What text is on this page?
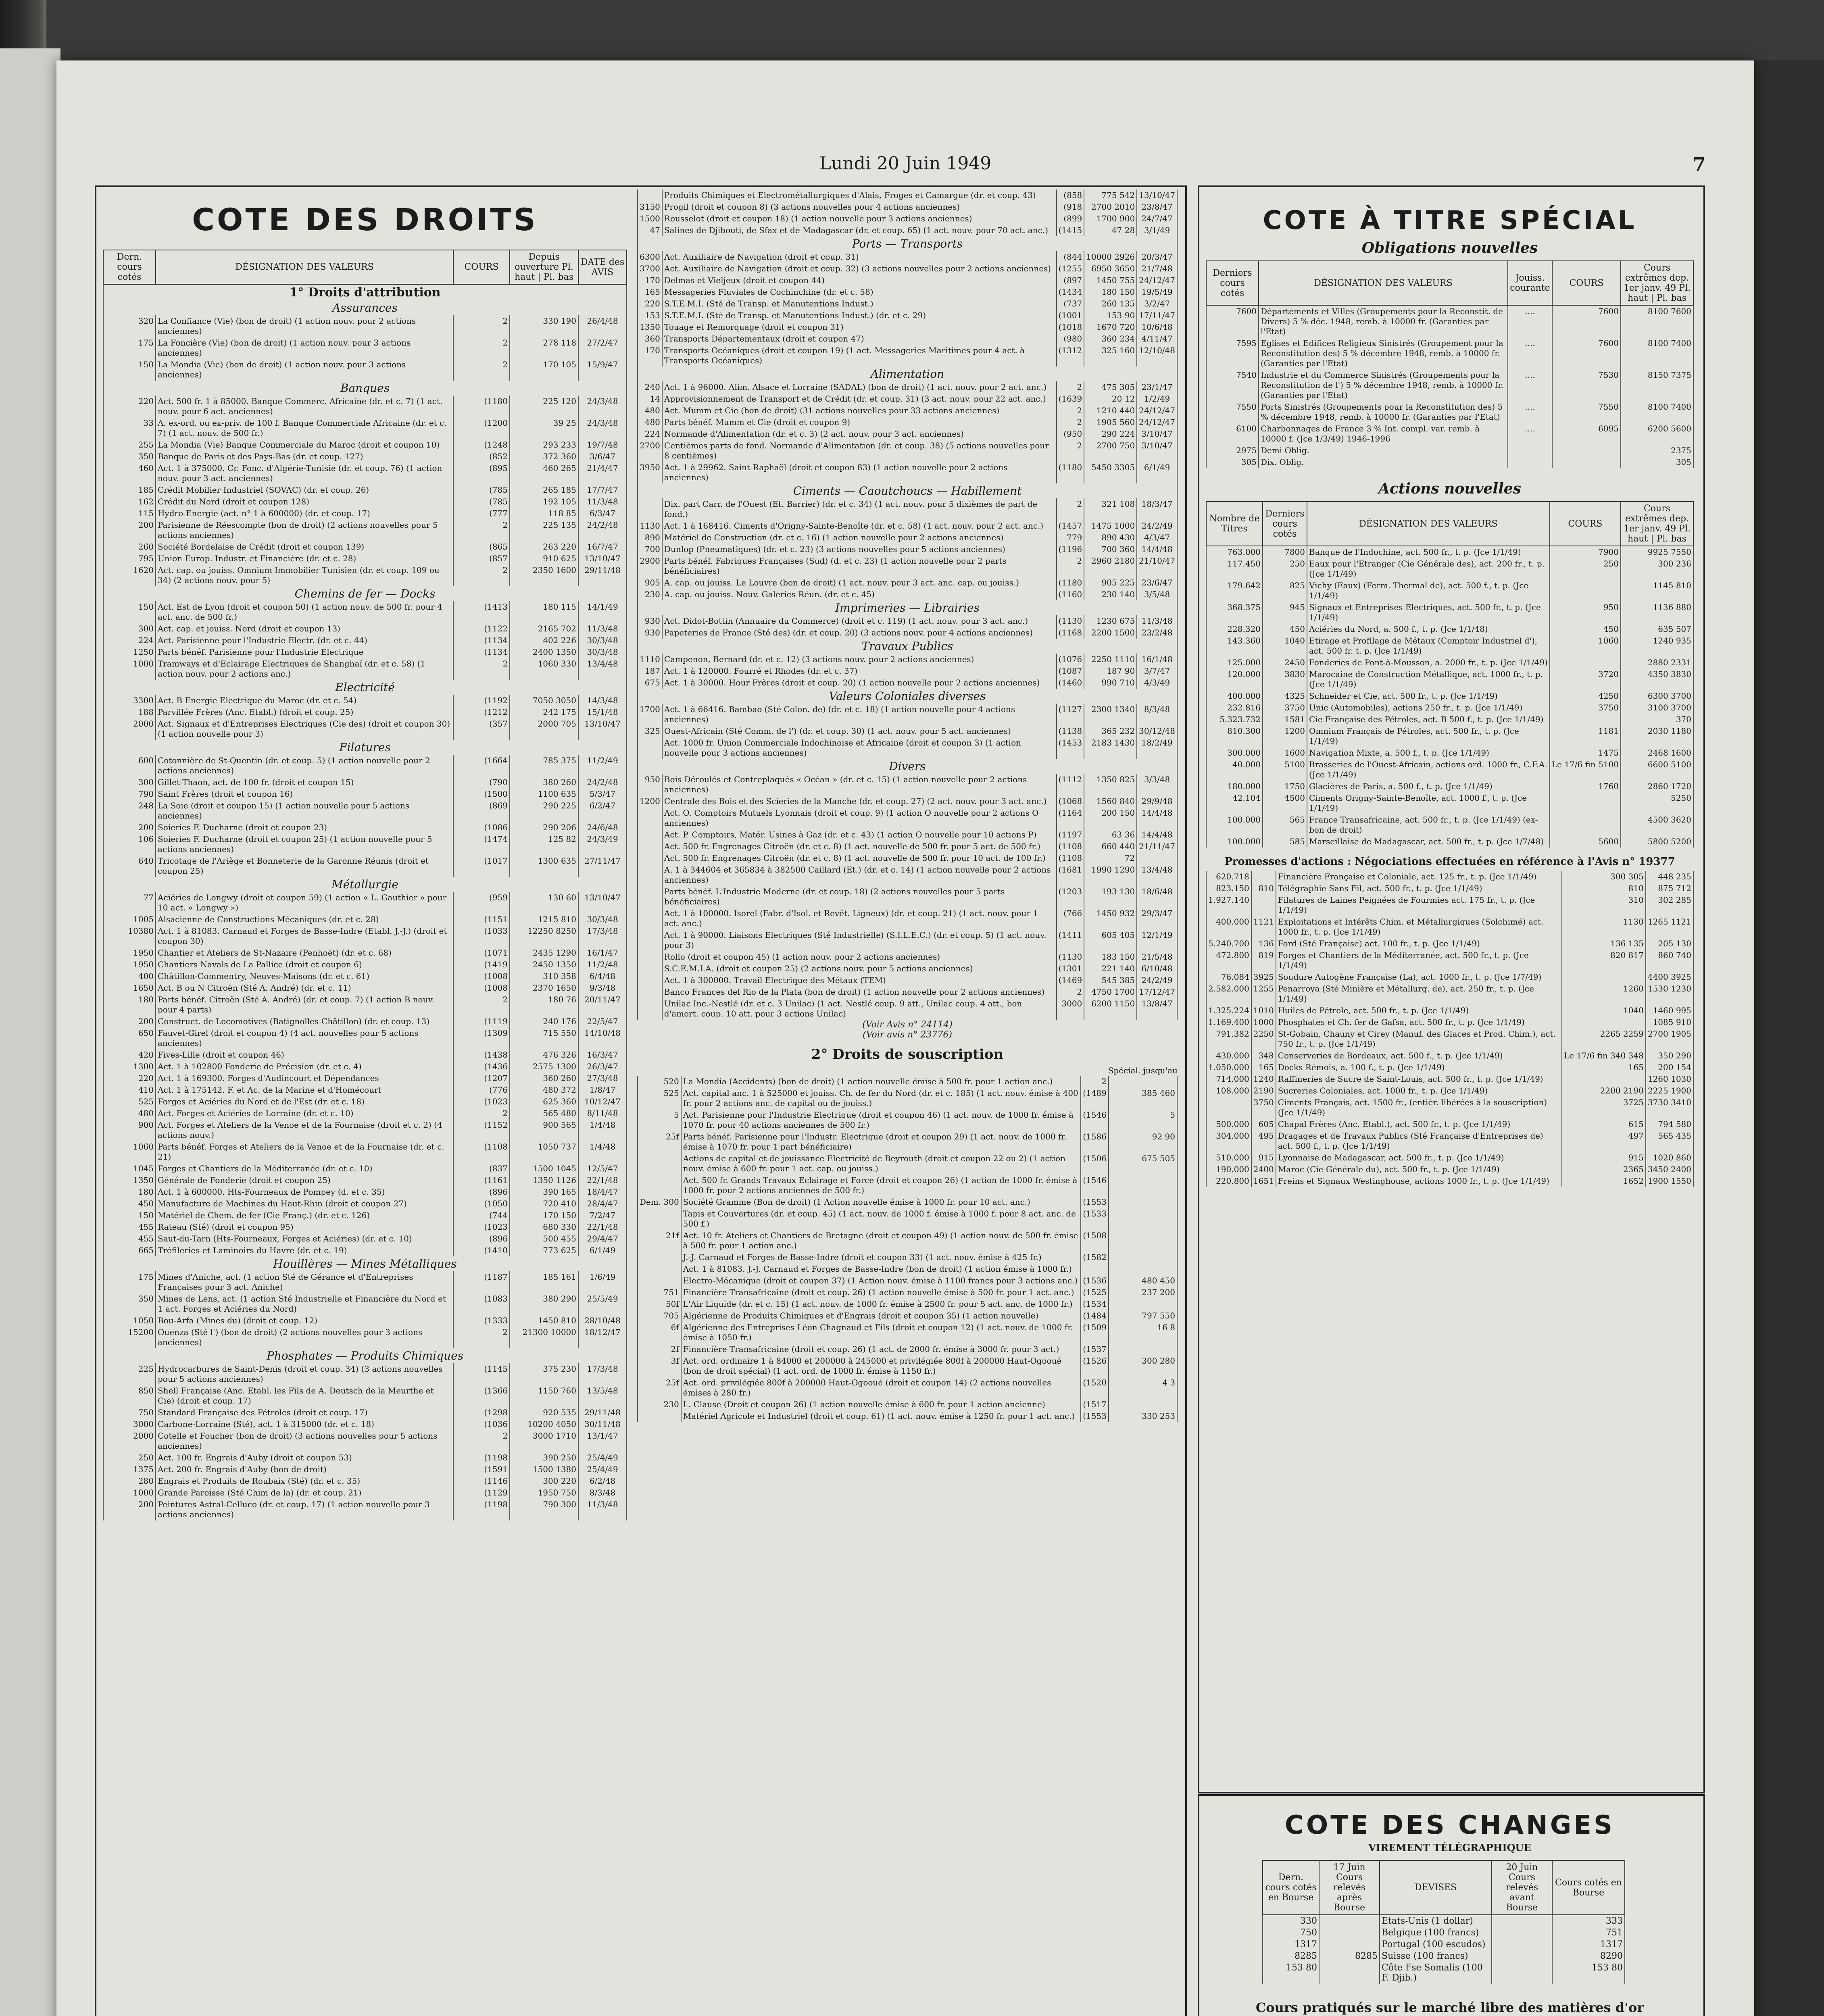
Lundi 20 Juin 1949	7
COTE DES DROITS
Dern. cours cotés	DÉSIGNATION DES VALEURS	COURS	Depuis ouverture Pl. haut | Pl. bas	DATE des AVIS
1° Droits d'attribution				
Assurances				
320	La Confiance (Vie) (bon de droit) (1 action nouv. pour 2 actions anciennes)	2	330 190	26/4/48
175	La Foncière (Vie) (bon de droit) (1 action nouv. pour 3 actions anciennes)	2	278 118	27/2/47
150	La Mondia (Vie) (bon de droit) (1 action nouv. pour 3 actions anciennes)	2	170 105	15/9/47
Banques				
220	Act. 500 fr. 1 à 85000. Banque Commerc. Africaine (dr. et c. 7) (1 act. nouv. pour 6 act. anciennes)	(1180	225 120	24/3/48
33	A. ex-ord. ou ex-priv. de 100 f. Banque Commerciale Africaine (dr. et c. 7) (1 act. nouv. de 500 fr.)	(1200	39 25	24/3/48
255	La Mondia (Vie) Banque Commerciale du Maroc (droit et coupon 10)	(1248	293 233	19/7/48
350	Banque de Paris et des Pays-Bas (dr. et coup. 127)	(852	372 360	3/6/47
460	Act. 1 à 375000. Cr. Fonc. d'Algérie-Tunisie (dr. et coup. 76) (1 action nouv. pour 3 act. anciennes)	(895	460 265	21/4/47
185	Crédit Mobilier Industriel (SOVAC) (dr. et coup. 26)	(785	265 185	17/7/47
162	Crédit du Nord (droit et coupon 128)	(785	192 105	11/3/48
115	Hydro-Energie (act. n° 1 à 600000) (dr. et coup. 17)	(777	118 85	6/3/47
200	Parisienne de Réescompte (bon de droit) (2 actions nouvelles pour 5 actions anciennes)	2	225 135	24/2/48
260	Société Bordelaise de Crédit (droit et coupon 139)	(865	263 220	16/7/47
795	Union Europ. Industr. et Financière (dr. et c. 28)	(857	910 625	13/10/47
1620	Act. cap. ou jouiss. Omnium Immobilier Tunisien (dr. et coup. 109 ou 34) (2 actions nouv. pour 5)	2	2350 1600	29/11/48
Chemins de fer — Docks				
150	Act. Est de Lyon (droit et coupon 50) (1 action nouv. de 500 fr. pour 4 act. anc. de 500 fr.)	(1413	180 115	14/1/49
300	Act. cap. et jouiss. Nord (droit et coupon 13)	(1122	2165 702	11/3/48
224	Act. Parisienne pour l'Industrie Electr. (dr. et c. 44)	(1134	402 226	30/3/48
1250	Parts bénéf. Parisienne pour l'Industrie Electrique	(1134	2400 1350	30/3/48
1000	Tramways et d'Eclairage Electriques de Shanghaï (dr. et c. 58) (1 action nouv. pour 2 actions anc.)	2	1060 330	13/4/48
Electricité				
3300	Act. B Energie Electrique du Maroc (dr. et c. 54)	(1192	7050 3050	14/3/48
188	Parvillée Frères (Anc. Etabl.) (droit et coup. 25)	(1212	242 175	15/1/48
2000	Act. Signaux et d'Entreprises Electriques (Cie des) (droit et coupon 30) (1 action nouvelle pour 3)	(357	2000 705	13/10/47
Filatures				
600	Cotonnière de St-Quentin (dr. et coup. 5) (1 action nouvelle pour 2 actions anciennes)	(1664	785 375	11/2/49
300	Gillet-Thaon, act. de 100 fr. (droit et coupon 15)	(790	380 260	24/2/48
790	Saint Frères (droit et coupon 16)	(1500	1100 635	5/3/47
248	La Soie (droit et coupon 15) (1 action nouvelle pour 5 actions anciennes)	(869	290 225	6/2/47
200	Soieries F. Ducharne (droit et coupon 23)	(1086	290 206	24/6/48
106	Soieries F. Ducharne (droit et coupon 25) (1 action nouvelle pour 5 actions anciennes)	(1474	125 82	24/3/49
640	Tricotage de l'Ariège et Bonneterie de la Garonne Réunis (droit et coupon 25)	(1017	1300 635	27/11/47
Métallurgie				
77	Aciéries de Longwy (droit et coupon 59) (1 action « L. Gauthier » pour 10 act. « Longwy »)	(959	130 60	13/10/47
1005	Alsacienne de Constructions Mécaniques (dr. et c. 28)	(1151	1215 810	30/3/48
10380	Act. 1 à 81083. Carnaud et Forges de Basse-Indre (Etabl. J.-J.) (droit et coupon 30)	(1033	12250 8250	17/3/48
1950	Chantier et Ateliers de St-Nazaire (Penhoët) (dr. et c. 68)	(1071	2435 1290	16/1/47
1950	Chantiers Navals de La Pallice (droit et coupon 6)	(1419	2450 1350	11/2/48
400	Châtillon-Commentry, Neuves-Maisons (dr. et c. 61)	(1008	310 358	6/4/48
1650	Act. B ou N Citroën (Sté A. André) (dr. et c. 11)	(1008	2370 1650	9/3/48
180	Parts bénéf. Citroën (Sté A. André) (dr. et coup. 7) (1 action B nouv. pour 4 parts)	2	180 76	20/11/47
200	Construct. de Locomotives (Batignolles-Châtillon) (dr. et coup. 13)	(1119	240 176	22/5/47
650	Fauvet-Girel (droit et coupon 4) (4 act. nouvelles pour 5 actions anciennes)	(1309	715 550	14/10/48
420	Fives-Lille (droit et coupon 46)	(1438	476 326	16/3/47
1300	Act. 1 à 102800 Fonderie de Précision (dr. et c. 4)	(1436	2575 1300	26/3/47
220	Act. 1 à 169300. Forges d'Audincourt et Dépendances	(1207	360 260	27/3/48
410	Act. 1 à 175142. F. et Ac. de la Marine et d'Homécourt	(776	480 372	1/8/47
525	Forges et Aciéries du Nord et de l'Est (dr. et c. 18)	(1023	625 360	10/12/47
480	Act. Forges et Aciéries de Lorraine (dr. et c. 10)	2	565 480	8/11/48
900	Act. Forges et Ateliers de la Venoe et de la Fournaise (droit et c. 2) (4 actions nouv.)	(1152	900 565	1/4/48
1060	Parts bénéf. Forges et Ateliers de la Venoe et de la Fournaise (dr. et c. 21)	(1108	1050 737	1/4/48
1045	Forges et Chantiers de la Méditerranée (dr. et c. 10)	(837	1500 1045	12/5/47
1350	Générale de Fonderie (droit et coupon 25)	(1161	1350 1126	22/1/48
180	Act. 1 à 600000. Hts-Fourneaux de Pompey (d. et c. 35)	(896	390 165	18/4/47
450	Manufacture de Machines du Haut-Rhin (droit et coupon 27)	(1050	720 410	28/4/47
150	Matériel de Chem. de fer (Cie Franç.) (dr. et c. 126)	(744	170 150	7/2/47
455	Rateau (Sté) (droit et coupon 95)	(1023	680 330	22/1/48
455	Saut-du-Tarn (Hts-Fourneaux, Forges et Aciéries) (dr. et c. 10)	(896	500 455	29/4/47
665	Tréfileries et Laminoirs du Havre (dr. et c. 19)	(1410	773 625	6/1/49
Houillères — Mines Métalliques				
175	Mines d'Aniche, act. (1 action Sté de Gérance et d'Entreprises Françaises pour 3 act. Aniche)	(1187	185 161	1/6/49
350	Mines de Lens, act. (1 action Sté Industrielle et Financière du Nord et 1 act. Forges et Aciéries du Nord)	(1083	380 290	25/5/49
1050	Bou-Arfa (Mines du) (droit et coup. 12)	(1333	1450 810	28/10/48
15200	Ouenza (Sté l') (bon de droit) (2 actions nouvelles pour 3 actions anciennes)	2	21300 10000	18/12/47
Phosphates — Produits Chimiques				
225	Hydrocarbures de Saint-Denis (droit et coup. 34) (3 actions nouvelles pour 5 actions anciennes)	(1145	375 230	17/3/48
850	Shell Française (Anc. Etabl. les Fils de A. Deutsch de la Meurthe et Cie) (droit et coup. 17)	(1366	1150 760	13/5/48
750	Standard Française des Pétroles (droit et coup. 17)	(1298	920 535	29/11/48
3000	Carbone-Lorraine (Sté), act. 1 à 315000 (dr. et c. 18)	(1036	10200 4050	30/11/48
2000	Cotelle et Foucher (bon de droit) (3 actions nouvelles pour 5 actions anciennes)	2	3000 1710	13/1/47
250	Act. 100 fr. Engrais d'Auby (droit et coupon 53)	(1198	390 250	25/4/49
1375	Act. 200 fr. Engrais d'Auby (bon de droit)	(1591	1500 1380	25/4/49
280	Engrais et Produits de Roubaix (Sté) (dr. et c. 35)	(1146	300 220	6/2/48
1000	Grande Paroisse (Sté Chim de la) (dr. et coup. 21)	(1129	1950 750	8/3/48
200	Peintures Astral-Celluco (dr. et coup. 17) (1 action nouvelle pour 3 actions anciennes)	(1198	790 300	11/3/48
	Produits Chimiques et Electrométallurgiques d'Alais, Froges et Camargue (dr. et coup. 43)	(858	775 542	13/10/47
3150	Progil (droit et coupon 8) (3 actions nouvelles pour 4 actions anciennes)	(918	2700 2010	23/8/47
1500	Rousselot (droit et coupon 18) (1 action nouvelle pour 3 actions anciennes)	(899	1700 900	24/7/47
47	Salines de Djibouti, de Sfax et de Madagascar (dr. et coup. 65) (1 act. nouv. pour 70 act. anc.)	(1415	47 28	3/1/49
Ports — Transports				
6300	Act. Auxiliaire de Navigation (droit et coup. 31)	(844	10000 2926	20/3/47
3700	Act. Auxiliaire de Navigation (droit et coup. 32) (3 actions nouvelles pour 2 actions anciennes)	(1255	6950 3650	21/7/48
170	Delmas et Vieljeux (droit et coupon 44)	(897	1450 755	24/12/47
165	Messageries Fluviales de Cochinchine (dr. et c. 58)	(1434	180 150	19/5/49
220	S.T.E.M.I. (Sté de Transp. et Manutentions Indust.)	(737	260 135	3/2/47
153	S.T.E.M.I. (Sté de Transp. et Manutentions Indust.) (dr. et c. 29)	(1001	153 90	17/11/47
1350	Touage et Remorquage (droit et coupon 31)	(1018	1670 720	10/6/48
360	Transports Départementaux (droit et coupon 47)	(980	360 234	4/11/47
170	Transports Océaniques (droit et coupon 19) (1 act. Messageries Maritimes pour 4 act. à Transports Océaniques)	(1312	325 160	12/10/48
Alimentation				
240	Act. 1 à 96000. Alim. Alsace et Lorraine (SADAL) (bon de droit) (1 act. nouv. pour 2 act. anc.)	2	475 305	23/1/47
14	Approvisionnement de Transport et de Crédit (dr. et coup. 31) (3 act. nouv. pour 22 act. anc.)	(1639	20 12	1/2/49
480	Act. Mumm et Cie (bon de droit) (31 actions nouvelles pour 33 actions anciennes)	2	1210 440	24/12/47
480	Parts bénéf. Mumm et Cie (droit et coupon 9)	2	1905 560	24/12/47
224	Normande d'Alimentation (dr. et c. 3) (2 act. nouv. pour 3 act. anciennes)	(950	290 224	3/10/47
2700	Centièmes parts de fond. Normande d'Alimentation (dr. et coup. 38) (5 actions nouvelles pour 8 centièmes)	2	2700 750	3/10/47
3950	Act. 1 à 29962. Saint-Raphaël (droit et coupon 83) (1 action nouvelle pour 2 actions anciennes)	(1180	5450 3305	6/1/49
Ciments — Caoutchoucs — Habillement				
	Dix. part Carr. de l'Ouest (Et. Barrier) (dr. et c. 34) (1 act. nouv. pour 5 dixièmes de part de fond.)	2	321 108	18/3/47
1130	Act. 1 à 168416. Ciments d'Origny-Sainte-Benoîte (dr. et c. 58) (1 act. nouv. pour 2 act. anc.)	(1457	1475 1000	24/2/49
890	Matériel de Construction (dr. et c. 16) (1 action nouvelle pour 2 actions anciennes)	779	890 430	4/3/47
700	Dunlop (Pneumatiques) (dr. et c. 23) (3 actions nouvelles pour 5 actions anciennes)	(1196	700 360	14/4/48
2900	Parts bénéf. Fabriques Françaises (Sud) (d. et c. 23) (1 action nouvelle pour 2 parts bénéficiaires)	2	2960 2180	21/10/47
905	A. cap. ou jouiss. Le Louvre (bon de droit) (1 act. nouv. pour 3 act. anc. cap. ou jouiss.)	(1180	905 225	23/6/47
230	A. cap. ou jouiss. Nouv. Galeries Réun. (dr. et c. 45)	(1160	230 140	3/5/48
Imprimeries — Librairies				
930	Act. Didot-Bottin (Annuaire du Commerce) (droit et c. 119) (1 act. nouv. pour 3 act. anc.)	(1130	1230 675	11/3/48
930	Papeteries de France (Sté des) (dr. et coup. 20) (3 actions nouv. pour 4 actions anciennes)	(1168	2200 1500	23/2/48
Travaux Publics				
1110	Campenon, Bernard (dr. et c. 12) (3 actions nouv. pour 2 actions anciennes)	(1076	2250 1110	16/1/48
187	Act. 1 à 120000. Fourré et Rhodes (dr. et c. 37)	(1087	187 90	3/7/47
675	Act. 1 à 30000. Hour Frères (droit et coup. 20) (1 action nouvelle pour 2 actions anciennes)	(1460	990 710	4/3/49
Valeurs Coloniales diverses				
1700	Act. 1 à 66416. Bambao (Sté Colon. de) (dr. et c. 18) (1 action nouvelle pour 4 actions anciennes)	(1127	2300 1340	8/3/48
325	Ouest-Africain (Sté Comm. de l') (dr. et coup. 30) (1 act. nouv. pour 5 act. anciennes)	(1138	365 232	30/12/48
	Act. 1000 fr. Union Commerciale Indochinoise et Africaine (droit et coupon 3) (1 action nouvelle pour 3 actions anciennes)	(1453	2183 1430	18/2/49
Divers				
950	Bois Déroulés et Contreplaqués « Océan » (dr. et c. 15) (1 action nouvelle pour 2 actions anciennes)	(1112	1350 825	3/3/48
1200	Centrale des Bois et des Scieries de la Manche (dr. et coup. 27) (2 act. nouv. pour 3 act. anc.)	(1068	1560 840	29/9/48
	Act. O. Comptoirs Mutuels Lyonnais (droit et coup. 9) (1 action O nouvelle pour 2 actions O anciennes)	(1164	200 150	14/4/48
	Act. P. Comptoirs, Matér. Usines à Gaz (dr. et c. 43) (1 action O nouvelle pour 10 actions P)	(1197	63 36	14/4/48
	Act. 500 fr. Engrenages Citroën (dr. et c. 8) (1 act. nouvelle de 500 fr. pour 5 act. de 500 fr.)	(1108	660 440	21/11/47
	Act. 500 fr. Engrenages Citroën (dr. et c. 8) (1 act. nouvelle de 500 fr. pour 10 act. de 100 fr.)	(1108	72	
	A. 1 à 344604 et 365834 à 382500 Caillard (Et.) (dr. et c. 14) (1 action nouvelle pour 2 actions anciennes)	(1681	1990 1290	13/4/48
	Parts bénéf. L'Industrie Moderne (dr. et coup. 18) (2 actions nouvelles pour 5 parts bénéficiaires)	(1203	193 130	18/6/48
	Act. 1 à 100000. Isorel (Fabr. d'Isol. et Revêt. Ligneux) (dr. et coup. 21) (1 act. nouv. pour 1 act. anc.)	(766	1450 932	29/3/47
	Act. 1 à 90000. Liaisons Electriques (Sté Industrielle) (S.I.L.E.C.) (dr. et coup. 5) (1 act. nouv. pour 3)	(1411	605 405	12/1/49
	Rollo (droit et coupon 45) (1 action nouv. pour 2 actions anciennes)	(1130	183 150	21/5/48
	S.C.E.M.I.A. (droit et coupon 25) (2 actions nouv. pour 5 actions anciennes)	(1301	221 140	6/10/48
	Act. 1 à 300000. Travail Electrique des Métaux (TEM)	(1469	545 385	24/2/49
	Banco Frances del Rio de la Plata (bon de droit) (1 action nouvelle pour 2 actions anciennes)	2	4750 1700	17/12/47
	Unilac Inc.-Nestlé (dr. et c. 3 Unilac) (1 act. Nestlé coup. 9 att., Unilac coup. 4 att., bon d'amort. coup. 10 att. pour 3 actions Unilac)	3000	6200 1150	13/8/47
(Voir Avis n° 24114)
(Voir avis n° 23776)
2° Droits de souscription
Spécial. jusqu'au
520	La Mondia (Accidents) (bon de droit) (1 action nouvelle émise à 500 fr. pour 1 action anc.)	2	
525	Act. capital anc. 1 à 525000 et jouiss. Ch. de fer du Nord (dr. et c. 185) (1 act. nouv. émise à 400 fr. pour 2 actions anc. de capital ou de jouiss.)	(1489	385 460
5	Act. Parisienne pour l'Industrie Electrique (droit et coupon 46) (1 act. nouv. de 1000 fr. émise à 1070 fr. pour 40 actions anciennes de 500 fr.)	(1546	5
25f	Parts bénéf. Parisienne pour l'Industr. Electrique (droit et coupon 29) (1 act. nouv. de 1000 fr. émise à 1070 fr. pour 1 part bénéficiaire)	(1586	92 90
	Actions de capital et de jouissance Electricité de Beyrouth (droit et coupon 22 ou 2) (1 action nouv. émise à 600 fr. pour 1 act. cap. ou jouiss.)	(1506	675 505
	Act. 500 fr. Grands Travaux Eclairage et Force (droit et coupon 26) (1 action de 1000 fr. émise à 1000 fr. pour 2 actions anciennes de 500 fr.)	(1546	
Dem. 300	Société Gramme (Bon de droit) (1 Action nouvelle émise à 1000 fr. pour 10 act. anc.)	(1553	
	Tapis et Couvertures (dr. et coup. 45) (1 act. nouv. de 1000 f. émise à 1000 f. pour 8 act. anc. de 500 f.)	(1533	
21f	Act. 10 fr. Ateliers et Chantiers de Bretagne (droit et coupon 49) (1 action nouv. de 500 fr. émise à 500 fr. pour 1 action anc.)	(1508	
	J.-J. Carnaud et Forges de Basse-Indre (droit et coupon 33) (1 act. nouv. émise à 425 fr.)	(1582	
	Act. 1 à 81083. J.-J. Carnaud et Forges de Basse-Indre (bon de droit) (1 action émise à 1000 fr.)		
	Electro-Mécanique (droit et coupon 37) (1 Action nouv. émise à 1100 francs pour 3 actions anc.)	(1536	480 450
751	Financière Transafricaine (droit et coup. 26) (1 action nouvelle émise à 500 fr. pour 1 act. anc.)	(1525	237 200
50f	L'Air Liquide (dr. et c. 15) (1 act. nouv. de 1000 fr. émise à 2500 fr. pour 5 act. anc. de 1000 fr.)	(1534	
705	Algérienne de Produits Chimiques et d'Engrais (droit et coupon 35) (1 action nouvelle)	(1484	797 550
6f	Algérienne des Entreprises Léon Chagnaud et Fils (droit et coupon 12) (1 act. nouv. de 1000 fr. émise à 1050 fr.)	(1509	16 8
2f	Financière Transafricaine (droit et coup. 26) (1 act. de 2000 fr. émise à 3000 fr. pour 3 act.)	(1537	
3f	Act. ord. ordinaire 1 à 84000 et 200000 à 245000 et privilégiée 800f à 200000 Haut-Ogooué (bon de droit spécial) (1 act. ord. de 1000 fr. émise à 1150 fr.)	(1526	300 280
25f	Act. ord. privilégiée 800f à 200000 Haut-Ogooué (droit et coupon 14) (2 actions nouvelles émises à 280 fr.)	(1520	4 3
230	L. Clause (Droit et coupon 26) (1 action nouvelle émise à 600 fr. pour 1 action ancienne)	(1517	
	Matériel Agricole et Industriel (droit et coup. 61) (1 act. nouv. émise à 1250 fr. pour 1 act. anc.)	(1553	330 253
COTE À TITRE SPÉCIAL
Obligations nouvelles
Derniers cours cotés	DÉSIGNATION DES VALEURS	Jouiss. courante	COURS	Cours extrêmes dep. 1er janv. 49 Pl. haut | Pl. bas
7600	Départements et Villes (Groupements pour la Reconstit. de Divers) 5 % déc. 1948, remb. à 10000 fr. (Garanties par l'Etat)	....	7600	8100 7600
7595	Eglises et Edifices Religieux Sinistrés (Groupement pour la Reconstitution des) 5 % décembre 1948, remb. à 10000 fr. (Garanties par l'Etat)	....	7600	8100 7400
7540	Industrie et du Commerce Sinistrés (Groupements pour la Reconstitution de l') 5 % décembre 1948, remb. à 10000 fr. (Garanties par l'Etat)	....	7530	8150 7375
7550	Ports Sinistrés (Groupements pour la Reconstitution des) 5 % décembre 1948, remb. à 10000 fr. (Garanties par l'Etat)	....	7550	8100 7400
6100	Charbonnages de France 3 % Int. compl. var. remb. à 10000 f. (Jce 1/3/49) 1946-1996	....	6095	6200 5600
2975	Demi Oblig.			2375
305	Dix. Oblig.			305
Actions nouvelles
Nombre de Titres	Derniers cours cotés	DÉSIGNATION DES VALEURS	COURS	Cours extrêmes dep. 1er janv. 49 Pl. haut | Pl. bas
763.000	7800	Banque de l'Indochine, act. 500 fr., t. p. (Jce 1/1/49)	7900	9925 7550
117.450	250	Eaux pour l'Etranger (Cie Générale des), act. 200 fr., t. p. (Jce 1/1/49)	250	300 236
179.642	825	Vichy (Eaux) (Ferm. Thermal de), act. 500 f., t. p. (Jce 1/1/49)		1145 810
368.375	945	Signaux et Entreprises Electriques, act. 500 fr., t. p. (Jce 1/1/49)	950	1136 880
228.320	450	Aciéries du Nord, a. 500 f., t. p. (Jce 1/1/48)	450	635 507
143.360	1040	Etirage et Profilage de Métaux (Comptoir Industriel d'), act. 500 fr. t. p. (Jce 1/1/49)	1060	1240 935
125.000	2450	Fonderies de Pont-à-Mousson, a. 2000 fr., t. p. (Jce 1/1/49)		2880 2331
120.000	3830	Marocaine de Construction Métallique, act. 1000 fr., t. p. (Jce 1/1/49)	3720	4350 3830
400.000	4325	Schneider et Cie, act. 500 fr., t. p. (Jce 1/1/49)	4250	6300 3700
232.816	3750	Unic (Automobiles), actions 250 fr., t. p. (Jce 1/1/49)	3750	3100 3700
5.323.732	1581	Cie Française des Pétroles, act. B 500 f., t. p. (Jce 1/1/49)		370
810.300	1200	Omnium Français de Pétroles, act. 500 fr., t. p. (Jce 1/1/49)	1181	2030 1180
300.000	1600	Navigation Mixte, a. 500 f., t. p. (Jce 1/1/49)	1475	2468 1600
40.000	5100	Brasseries de l'Ouest-Africain, actions ord. 1000 fr., C.F.A. (Jce 1/1/49)	Le 17/6 fin 5100	6600 5100
180.000	1750	Glacières de Paris, a. 500 f., t. p. (Jce 1/1/49)	1760	2860 1720
42.104	4500	Ciments Origny-Sainte-Benoîte, act. 1000 f., t. p. (Jce 1/1/49)		5250
100.000	565	France Transafricaine, act. 500 fr., t. p. (Jce 1/1/49) (ex-bon de droit)		4500 3620
100.000	585	Marseillaise de Madagascar, act. 500 fr., t. p. (Jce 1/7/48)	5600	5800 5200
Promesses d'actions : Négociations effectuées en référence à l'Avis n° 19377
620.718		Financière Française et Coloniale, act. 125 fr., t. p. (Jce 1/1/49)	300 305	448 235
823.150	810	Télégraphie Sans Fil, act. 500 fr., t. p. (Jce 1/1/49)	810	875 712
1.927.140		Filatures de Laines Peignées de Fourmies act. 175 fr., t. p. (Jce 1/1/49)	310	302 285
400.000	1121	Exploitations et Intérêts Chim. et Métallurgiques (Solchimé) act. 1000 fr., t. p. (Jce 1/1/49)	1130	1265 1121
5.240.700	136	Ford (Sté Française) act. 100 fr., t. p. (Jce 1/1/49)	136 135	205 130
472.800	819	Forges et Chantiers de la Méditerranée, act. 500 fr., t. p. (Jce 1/1/49)	820 817	860 740
76.084	3925	Soudure Autogène Française (La), act. 1000 fr., t. p. (Jce 1/7/49)		4400 3925
2.582.000	1255	Penarroya (Sté Minière et Métallurg. de), act. 250 fr., t. p. (Jce 1/1/49)	1260	1530 1230
1.325.224	1010	Huiles de Pétrole, act. 500 fr., t. p. (Jce 1/1/49)	1040	1460 995
1.169.400	1000	Phosphates et Ch. fer de Gafsa, act. 500 fr., t. p. (Jce 1/1/49)		1085 910
791.382	2250	St-Gobain, Chauny et Cirey (Manuf. des Glaces et Prod. Chim.), act. 750 fr., t. p. (Jce 1/1/49)	2265 2259	2700 1905
430.000	348	Conserveries de Bordeaux, act. 500 f., t. p. (Jce 1/1/49)	Le 17/6 fin 340 348	350 290
1.050.000	165	Docks Rémois, a. 100 f., t. p. (Jce 1/1/49)	165	200 154
714.000	1240	Raffineries de Sucre de Saint-Louis, act. 500 fr., t. p. (Jce 1/1/49)		1260 1030
108.000	2190	Sucreries Coloniales, act. 1000 fr., t. p. (Jce 1/1/49)	2200 2190	2225 1900
	3750	Ciments Français, act. 1500 fr., (entièr. libérées à la souscription) (Jce 1/1/49)	3725	3730 3410
500.000	605	Chapal Frères (Anc. Etabl.), act. 500 fr., t. p. (Jce 1/1/49)	615	794 580
304.000	495	Dragages et de Travaux Publics (Sté Française d'Entreprises de) act. 500 f., t. p. (Jce 1/1/49)	497	565 435
510.000	915	Lyonnaise de Madagascar, act. 500 fr., t. p. (Jce 1/1/49)	915	1020 860
190.000	2400	Maroc (Cie Générale du), act. 500 fr., t. p. (Jce 1/1/49)	2365	3450 2400
220.800	1651	Freins et Signaux Westinghouse, actions 1000 fr., t. p. (Jce 1/1/49)	1652	1900 1550
COTE DES CHANGES
VIREMENT TÉLÉGRAPHIQUE
Dern. cours cotés en Bourse	17 Juin Cours relevés après Bourse	DEVISES	20 Juin Cours relevés avant Bourse	Cours cotés en Bourse
330		Etats-Unis (1 dollar)		333
750		Belgique (100 francs)		751
1317		Portugal (100 escudos)		1317
8285	8285	Suisse (100 francs)		8290
153 80		Côte Fse Somalis (100 F. Djib.)		153 80
Cours pratiqués sur le marché libre des matières d'or
